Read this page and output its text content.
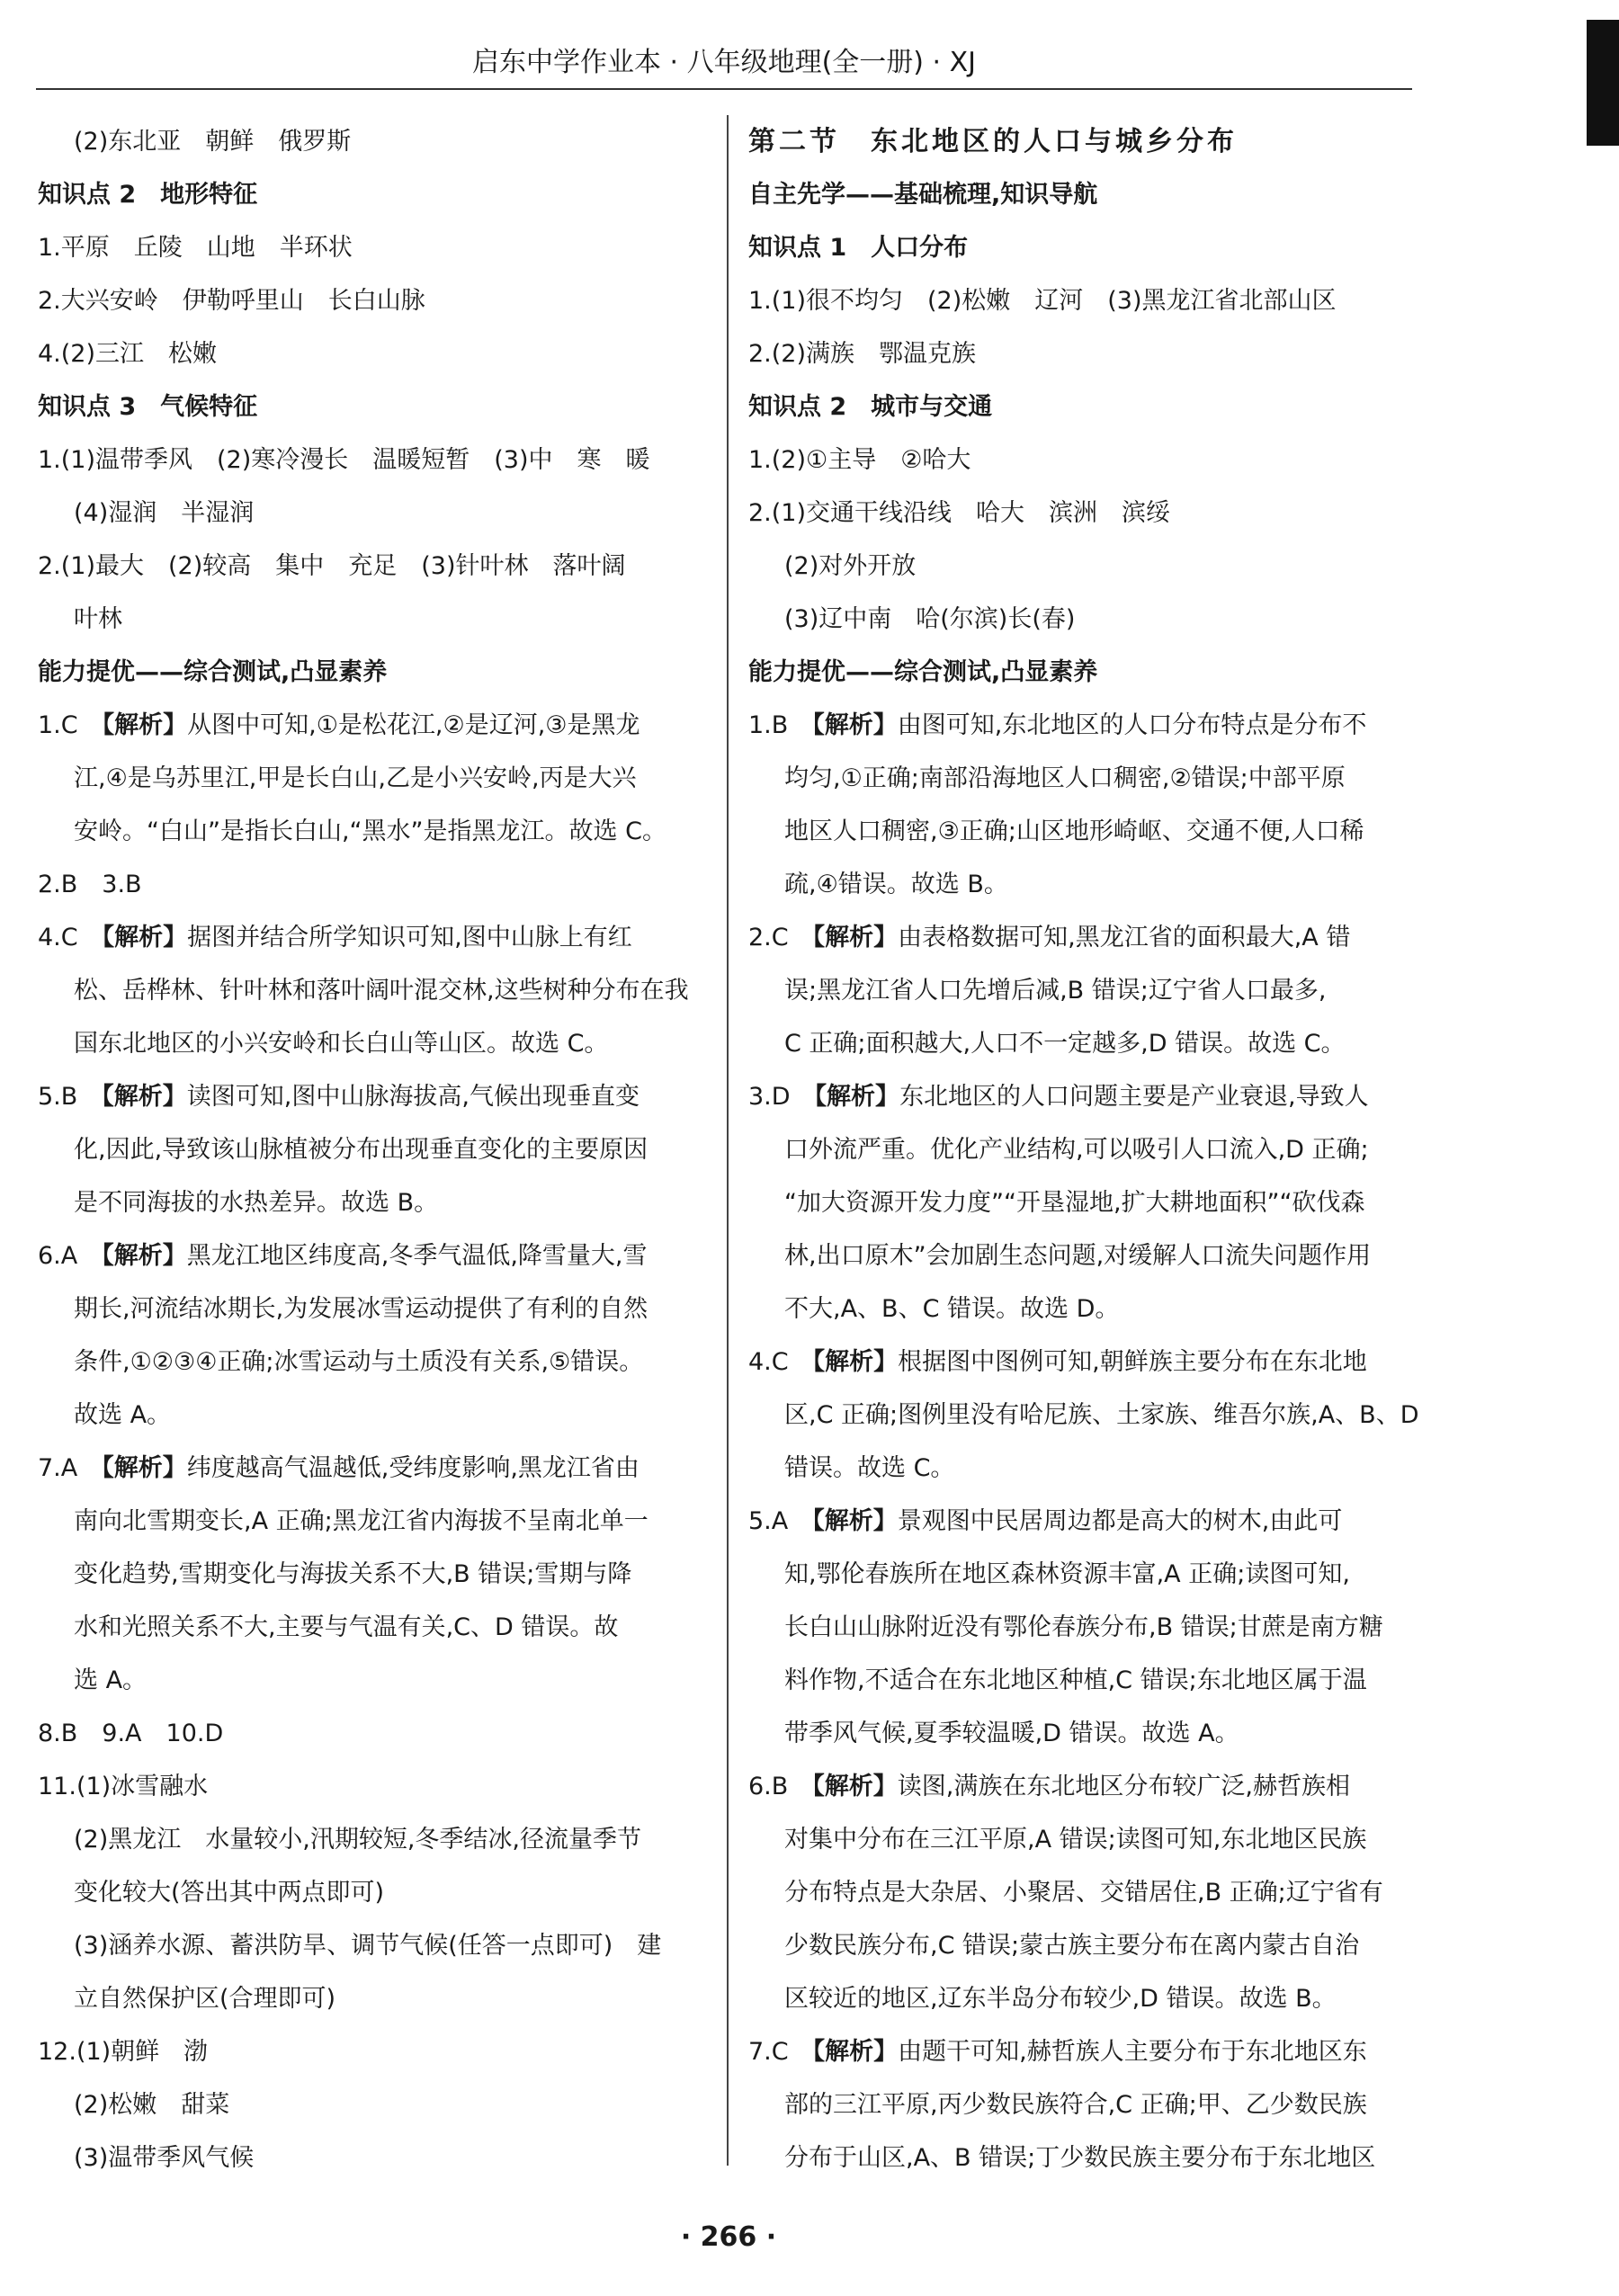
启东中学作业本 · 八年级地理(全一册) · XJ
(2)东北亚　朝鲜　俄罗斯
知识点 2　地形特征
1.平原　丘陵　山地　半环状
2.大兴安岭　伊勒呼里山　长白山脉
4.(2)三江　松嫩
知识点 3　气候特征
1.(1)温带季风　(2)寒冷漫长　温暖短暂　(3)中　寒　暖
(4)湿润　半湿润
2.(1)最大　(2)较高　集中　充足　(3)针叶林　落叶阔
叶林
能力提优——综合测试,凸显素养
1.C　 【解析】从图中可知,①是松花江,②是辽河,③是黑龙
江,④是乌苏里江,甲是长白山,乙是小兴安岭,丙是大兴
安岭。“白山”是指长白山,“黑水”是指黑龙江。故选 C。
2.B　3.B
4.C　 【解析】据图并结合所学知识可知,图中山脉上有红
松、岳桦林、针叶林和落叶阔叶混交林,这些树种分布在我
国东北地区的小兴安岭和长白山等山区。故选 C。
5.B　 【解析】读图可知,图中山脉海拔高,气候出现垂直变
化,因此,导致该山脉植被分布出现垂直变化的主要原因
是不同海拔的水热差异。故选 B。
6.A　 【解析】黑龙江地区纬度高,冬季气温低,降雪量大,雪
期长,河流结冰期长,为发展冰雪运动提供了有利的自然
条件,①②③④正确;冰雪运动与土质没有关系,⑤错误。
故选 A。
7.A　 【解析】纬度越高气温越低,受纬度影响,黑龙江省由
南向北雪期变长,A 正确;黑龙江省内海拔不呈南北单一
变化趋势,雪期变化与海拔关系不大,B 错误;雪期与降
水和光照关系不大,主要与气温有关,C、D 错误。故
选 A。
8.B　9.A　10.D
11.(1)冰雪融水
(2)黑龙江　水量较小,汛期较短,冬季结冰,径流量季节
变化较大(答出其中两点即可)
(3)涵养水源、蓄洪防旱、调节气候(任答一点即可)　建
立自然保护区(合理即可)
12.(1)朝鲜　渤
(2)松嫩　甜菜
(3)温带季风气候
第二节　东北地区的人口与城乡分布
自主先学——基础梳理,知识导航
知识点 1　人口分布
1.(1)很不均匀　(2)松嫩　辽河　(3)黑龙江省北部山区
2.(2)满族　鄂温克族
知识点 2　城市与交通
1.(2)①主导　②哈大
2.(1)交通干线沿线　哈大　滨洲　滨绥
(2)对外开放
(3)辽中南　哈(尔滨)长(春)
能力提优——综合测试,凸显素养
1.B　 【解析】由图可知,东北地区的人口分布特点是分布不
均匀,①正确;南部沿海地区人口稠密,②错误;中部平原
地区人口稠密,③正确;山区地形崎岖、交通不便,人口稀
疏,④错误。故选 B。
2.C　 【解析】由表格数据可知,黑龙江省的面积最大,A 错
误;黑龙江省人口先增后减,B 错误;辽宁省人口最多,
C 正确;面积越大,人口不一定越多,D 错误。故选 C。
3.D　 【解析】东北地区的人口问题主要是产业衰退,导致人
口外流严重。优化产业结构,可以吸引人口流入,D 正确;
“加大资源开发力度”“开垦湿地,扩大耕地面积”“砍伐森
林,出口原木”会加剧生态问题,对缓解人口流失问题作用
不大,A、B、C 错误。故选 D。
4.C　 【解析】根据图中图例可知,朝鲜族主要分布在东北地
区,C 正确;图例里没有哈尼族、土家族、维吾尔族,A、B、D
错误。故选 C。
5.A　 【解析】景观图中民居周边都是高大的树木,由此可
知,鄂伦春族所在地区森林资源丰富,A 正确;读图可知,
长白山山脉附近没有鄂伦春族分布,B 错误;甘蔗是南方糖
料作物,不适合在东北地区种植,C 错误;东北地区属于温
带季风气候,夏季较温暖,D 错误。故选 A。
6.B　 【解析】读图,满族在东北地区分布较广泛,赫哲族相
对集中分布在三江平原,A 错误;读图可知,东北地区民族
分布特点是大杂居、小聚居、交错居住,B 正确;辽宁省有
少数民族分布,C 错误;蒙古族主要分布在离内蒙古自治
区较近的地区,辽东半岛分布较少,D 错误。故选 B。
7.C　 【解析】由题干可知,赫哲族人主要分布于东北地区东
部的三江平原,丙少数民族符合,C 正确;甲、乙少数民族
分布于山区,A、B 错误;丁少数民族主要分布于东北地区
· 266 ·
